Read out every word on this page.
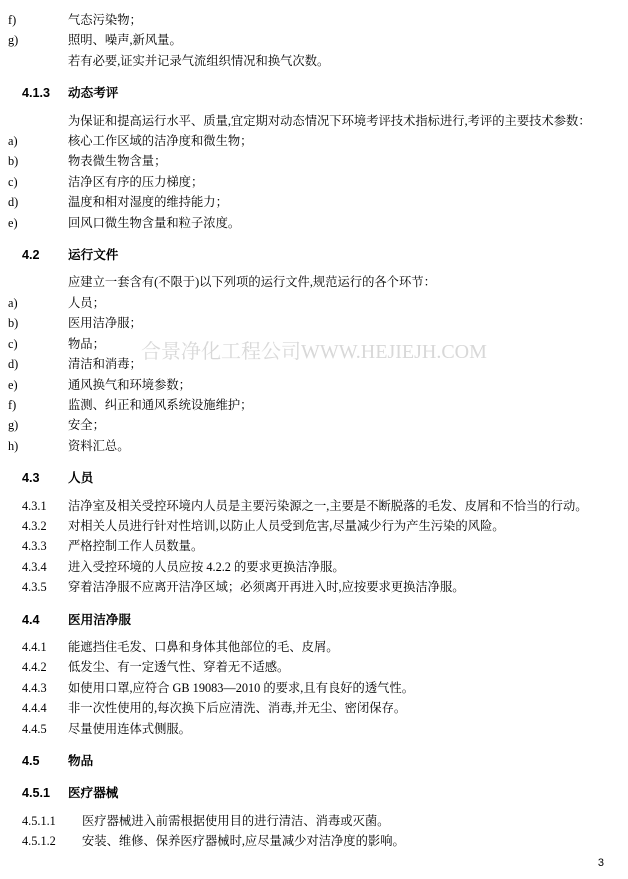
f)	气态污染物；
g)	照明、噪声,新风量。
若有必要,证实并记录气流组织情况和换气次数。
4.1.3 动态考评
为保证和提高运行水平、质量,宜定期对动态情况下环境考评技术指标进行,考评的主要技术参数：
a)	核心工作区域的洁净度和微生物；
b)	物表微生物含量；
c)	洁净区有序的压力梯度；
d)	温度和相对湿度的维持能力；
e)	回风口微生物含量和粒子浓度。
4.2 运行文件
应建立一套含有(不限于)以下列项的运行文件,规范运行的各个环节：
a)	人员；
b)	医用洁净服；
c)	物品；
d)	清洁和消毒；
e)	通风换气和环境参数；
f)	监测、纠正和通风系统设施维护；
g)	安全；
h)	资料汇总。
4.3 人员
4.3.1 洁净室及相关受控环境内人员是主要污染源之一,主要是不断脱落的毛发、皮屑和不恰当的行动。
4.3.2 对相关人员进行针对性培训,以防止人员受到危害,尽量减少行为产生污染的风险。
4.3.3 严格控制工作人员数量。
4.3.4 进入受控环境的人员应按 4.2.2 的要求更换洁净服。
4.3.5 穿着洁净服不应离开洁净区域；必须离开再进入时,应按要求更换洁净服。
4.4 医用洁净服
4.4.1 能遮挡住毛发、口鼻和身体其他部位的毛、皮屑。
4.4.2 低发尘、有一定透气性、穿着无不适感。
4.4.3 如使用口罩,应符合 GB 19083—2010 的要求,且有良好的透气性。
4.4.4 非一次性使用的,每次换下后应清洗、消毒,并无尘、密闭保存。
4.4.5 尽量使用连体式侧服。
4.5 物品
4.5.1 医疗器械
4.5.1.1 医疗器械进入前需根据使用目的进行清洁、消毒或灭菌。
4.5.1.2 安装、维修、保养医疗器械时,应尽量减少对洁净度的影响。
合景净化工程公司WWW.HEJIEJH.COM
3
